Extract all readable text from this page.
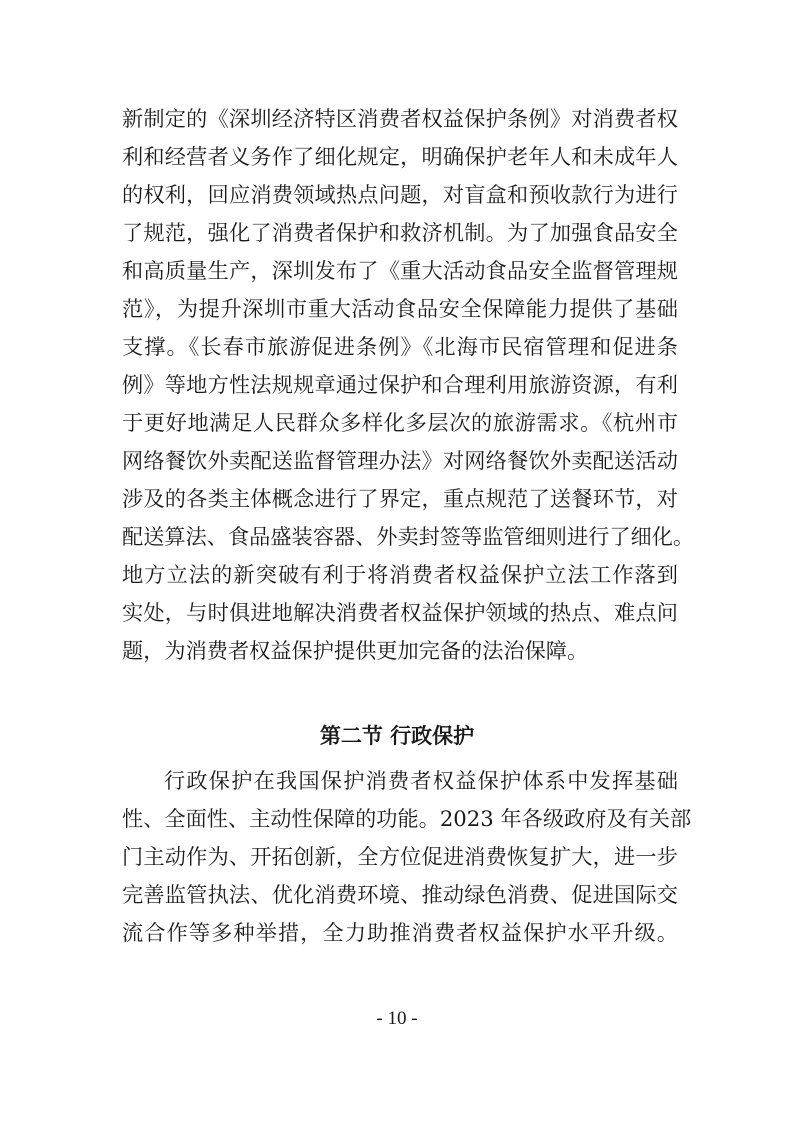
新制定的《深圳经济特区消费者权益保护条例》对消费者权
利和经营者义务作了细化规定，明确保护老年人和未成年人
的权利，回应消费领域热点问题，对盲盒和预收款行为进行
了规范，强化了消费者保护和救济机制。为了加强食品安全
和高质量生产，深圳发布了《重大活动食品安全监督管理规
范》，为提升深圳市重大活动食品安全保障能力提供了基础
支撑。《长春市旅游促进条例》《北海市民宿管理和促进条
例》等地方性法规规章通过保护和合理利用旅游资源，有利
于更好地满足人民群众多样化多层次的旅游需求。《杭州市
网络餐饮外卖配送监督管理办法》对网络餐饮外卖配送活动
涉及的各类主体概念进行了界定，重点规范了送餐环节，对
配送算法、食品盛装容器、外卖封签等监管细则进行了细化。
地方立法的新突破有利于将消费者权益保护立法工作落到
实处，与时俱进地解决消费者权益保护领域的热点、难点问
题，为消费者权益保护提供更加完备的法治保障。
第二节 行政保护
行政保护在我国保护消费者权益保护体系中发挥基础
性、全面性、主动性保障的功能。2023 年各级政府及有关部
门主动作为、开拓创新，全方位促进消费恢复扩大，进一步
完善监管执法、优化消费环境、推动绿色消费、促进国际交
流合作等多种举措，全力助推消费者权益保护水平升级。
- 10 -
